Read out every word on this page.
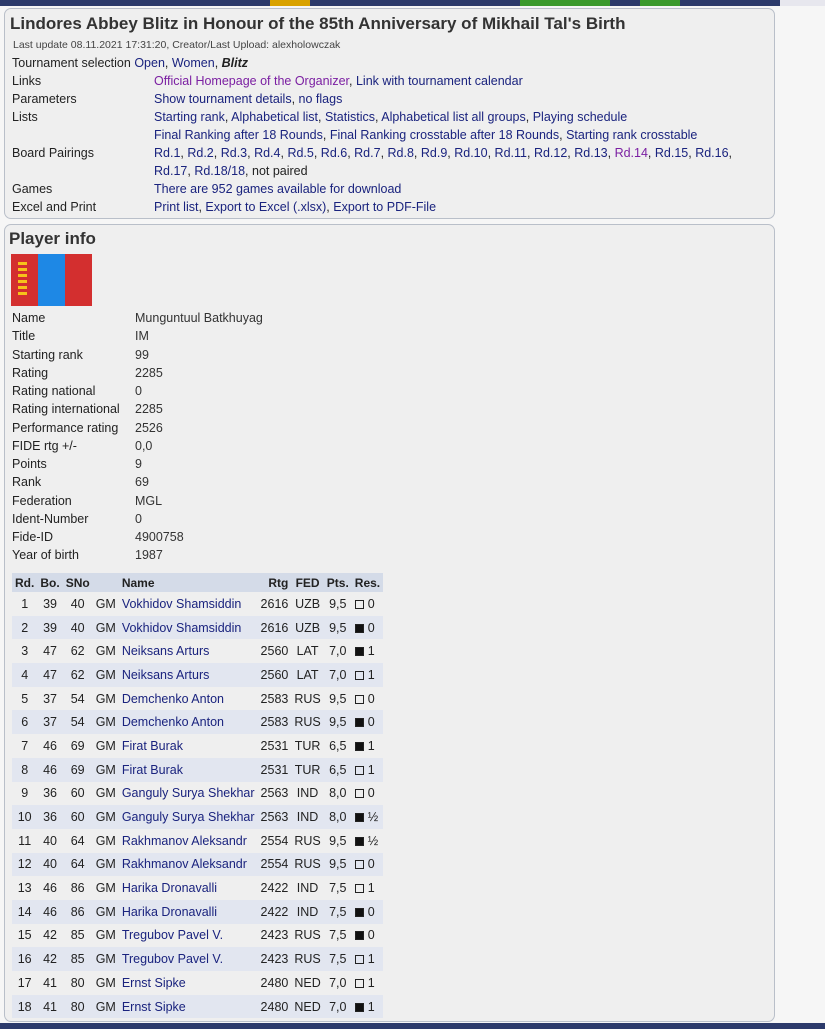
Lindores Abbey Blitz in Honour of the 85th Anniversary of Mikhail Tal's Birth
Last update 08.11.2021 17:31:20, Creator/Last Upload: alexholowczak
Tournament selection Open, Women, Blitz	
Links	Official Homepage of the Organizer, Link with tournament calendar
Parameters	Show tournament details, no flags
Lists	Starting rank, Alphabetical list, Statistics, Alphabetical list all groups, Playing schedule
Final Ranking after 18 Rounds, Final Ranking crosstable after 18 Rounds, Starting rank crosstable
Board Pairings	Rd.1, Rd.2, Rd.3, Rd.4, Rd.5, Rd.6, Rd.7, Rd.8, Rd.9, Rd.10, Rd.11, Rd.12, Rd.13, Rd.14, Rd.15, Rd.16, Rd.17, Rd.18/18, not paired
Games	There are 952 games available for download
Excel and Print	Print list, Export to Excel (.xlsx), Export to PDF-File
Player info
Name	Munguntuul Batkhuyag
Title	IM
Starting rank	99
Rating	2285
Rating national	0
Rating international	2285
Performance rating	2526
FIDE rtg +/-	0,0
Points	9
Rank	69
Federation	MGL
Ident-Number	0
Fide-ID	4900758
Year of birth	1987
Rd.	Bo.	SNo		Name	Rtg	FED	Pts.	Res.
1	39	40	GM	Vokhidov Shamsiddin	2616	UZB	9,5	0
2	39	40	GM	Vokhidov Shamsiddin	2616	UZB	9,5	0
3	47	62	GM	Neiksans Arturs	2560	LAT	7,0	1
4	47	62	GM	Neiksans Arturs	2560	LAT	7,0	1
5	37	54	GM	Demchenko Anton	2583	RUS	9,5	0
6	37	54	GM	Demchenko Anton	2583	RUS	9,5	0
7	46	69	GM	Firat Burak	2531	TUR	6,5	1
8	46	69	GM	Firat Burak	2531	TUR	6,5	1
9	36	60	GM	Ganguly Surya Shekhar	2563	IND	8,0	0
10	36	60	GM	Ganguly Surya Shekhar	2563	IND	8,0	½
11	40	64	GM	Rakhmanov Aleksandr	2554	RUS	9,5	½
12	40	64	GM	Rakhmanov Aleksandr	2554	RUS	9,5	0
13	46	86	GM	Harika Dronavalli	2422	IND	7,5	1
14	46	86	GM	Harika Dronavalli	2422	IND	7,5	0
15	42	85	GM	Tregubov Pavel V.	2423	RUS	7,5	0
16	42	85	GM	Tregubov Pavel V.	2423	RUS	7,5	1
17	41	80	GM	Ernst Sipke	2480	NED	7,0	1
18	41	80	GM	Ernst Sipke	2480	NED	7,0	1
